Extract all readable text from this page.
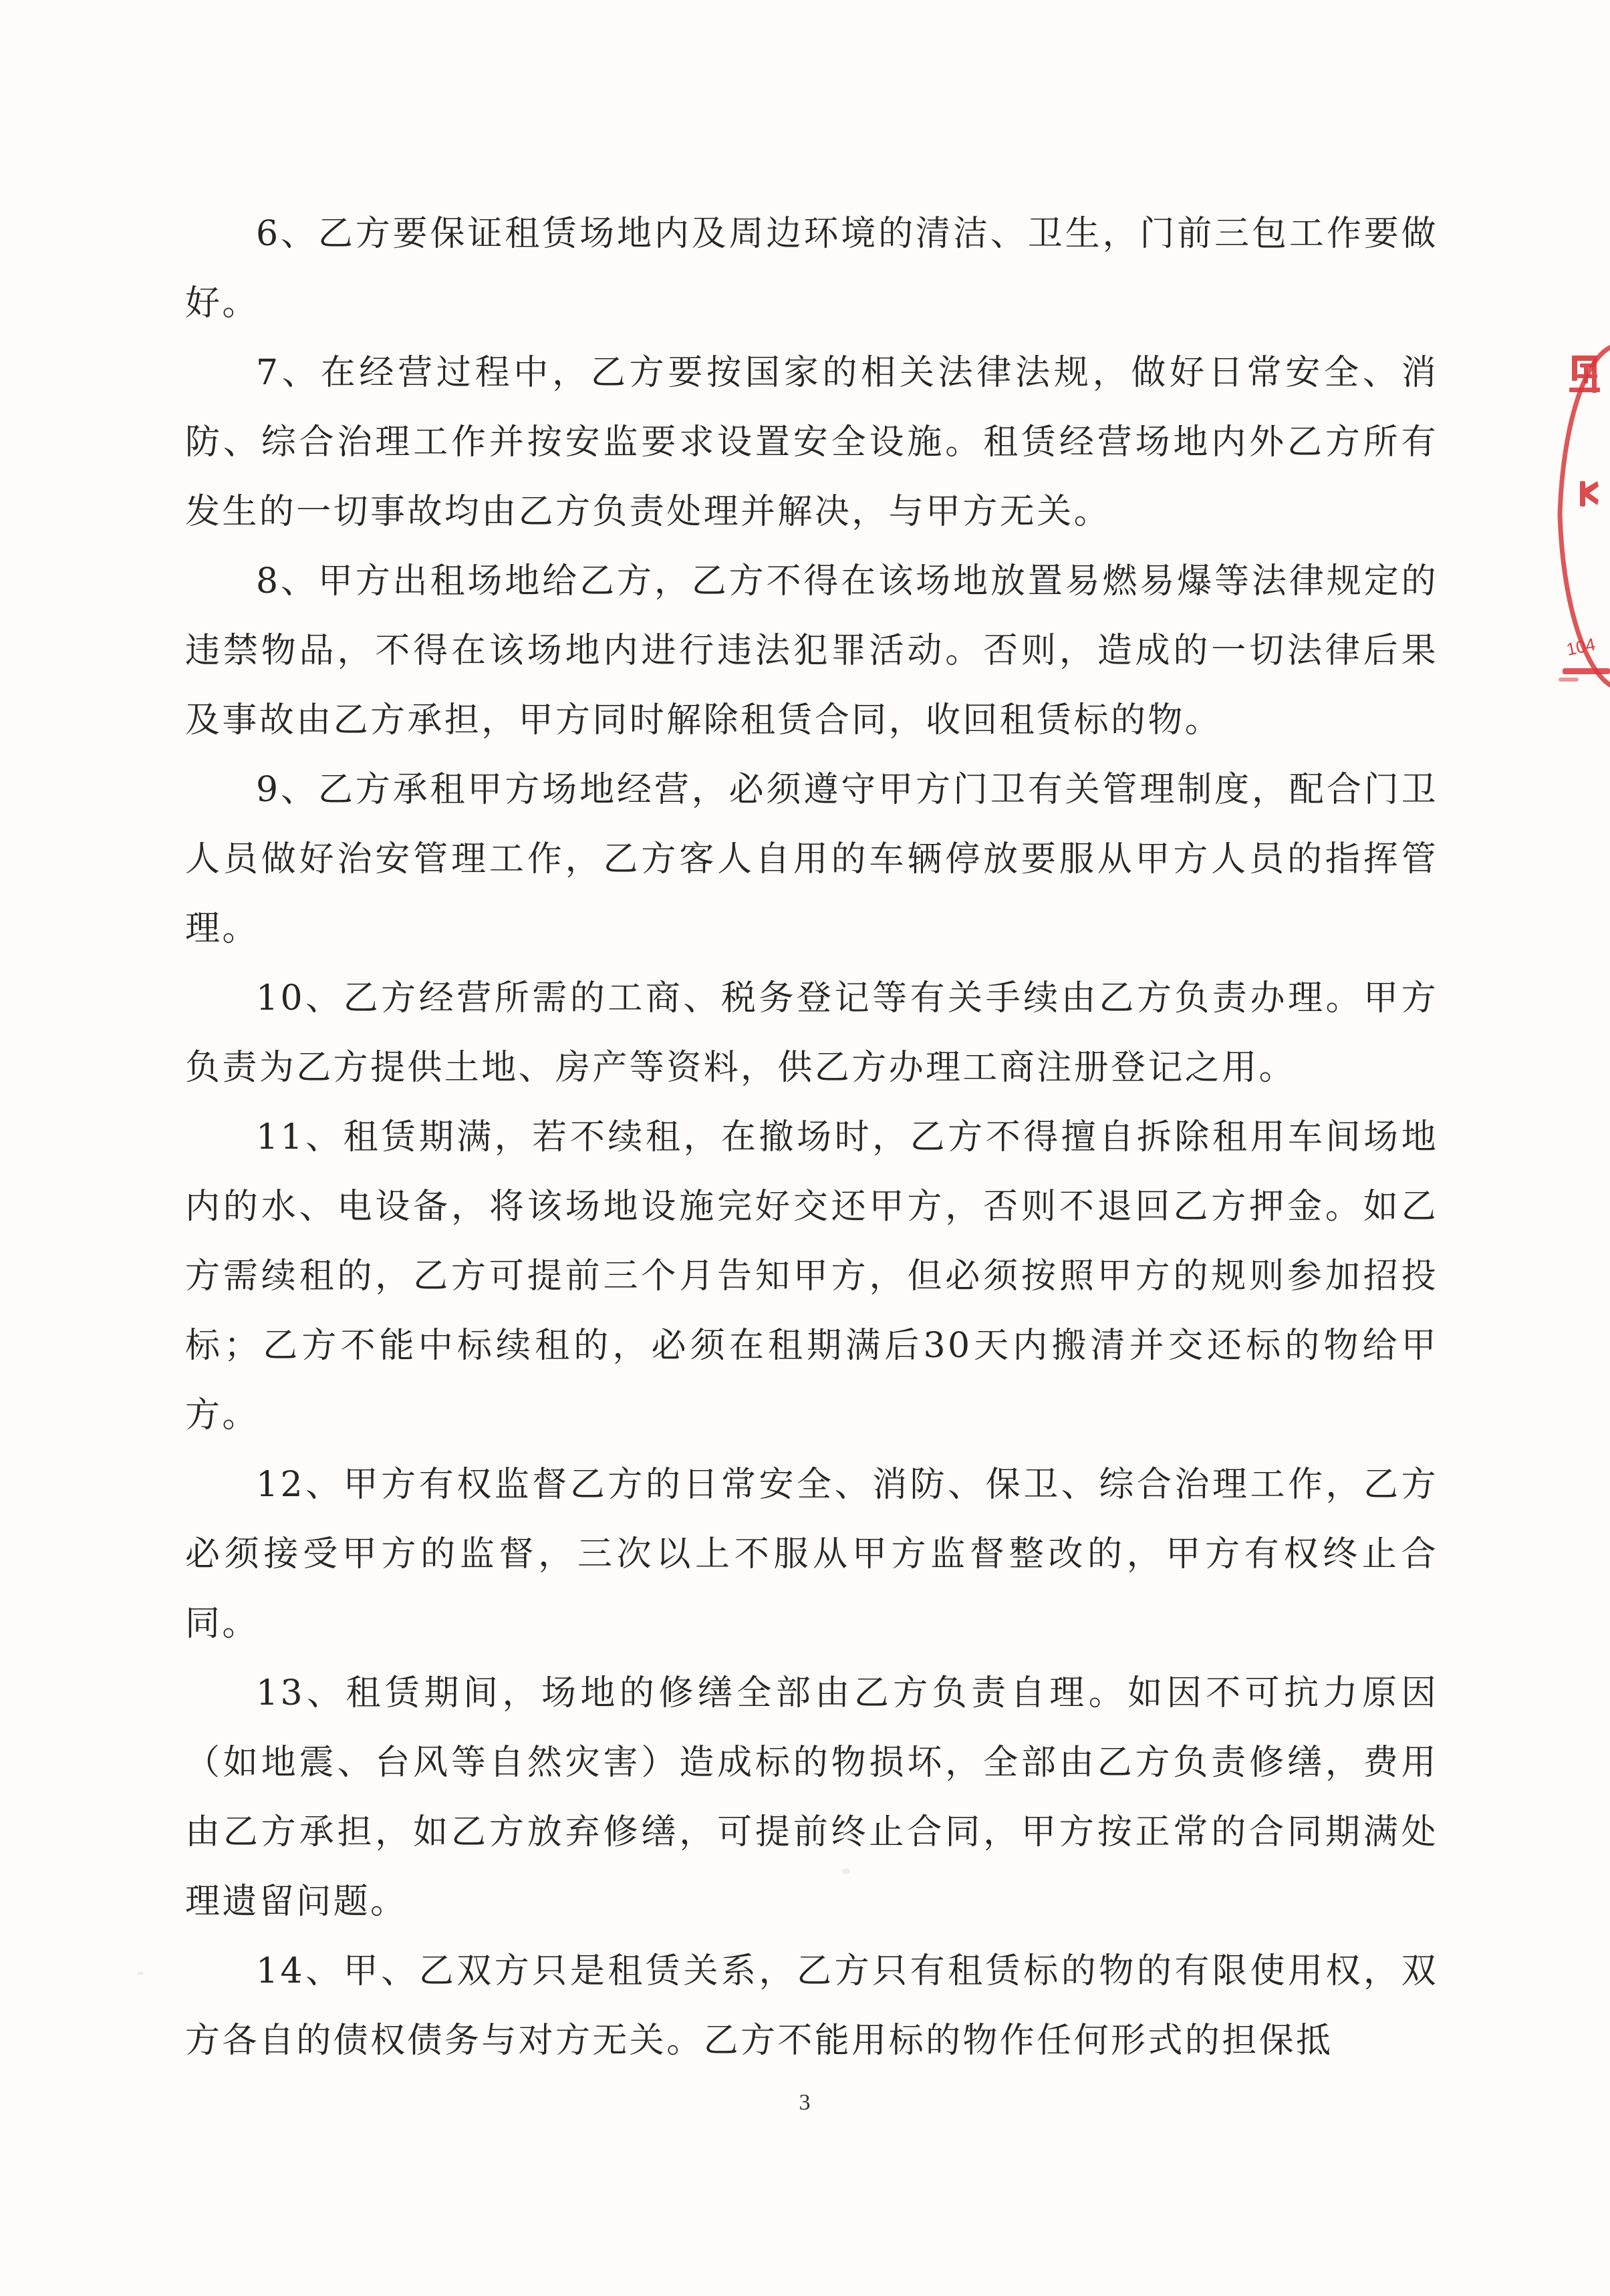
6、乙方要保证租赁场地内及周边环境的清洁、卫生，门前三包工作要做好。

7、在经营过程中，乙方要按国家的相关法律法规，做好日常安全、消防、综合治理工作并按安监要求设置安全设施。租赁经营场地内外乙方所有发生的一切事故均由乙方负责处理并解决，与甲方无关。

8、甲方出租场地给乙方，乙方不得在该场地放置易燃易爆等法律规定的违禁物品，不得在该场地内进行违法犯罪活动。否则，造成的一切法律后果及事故由乙方承担，甲方同时解除租赁合同，收回租赁标的物。

9、乙方承租甲方场地经营，必须遵守甲方门卫有关管理制度，配合门卫人员做好治安管理工作，乙方客人自用的车辆停放要服从甲方人员的指挥管理。

10、乙方经营所需的工商、税务登记等有关手续由乙方负责办理。甲方负责为乙方提供土地、房产等资料，供乙方办理工商注册登记之用。

11、租赁期满，若不续租，在撤场时，乙方不得擅自拆除租用车间场地内的水、电设备，将该场地设施完好交还甲方，否则不退回乙方押金。如乙方需续租的，乙方可提前三个月告知甲方，但必须按照甲方的规则参加招投标；乙方不能中标续租的，必须在租期满后30天内搬清并交还标的物给甲方。

12、甲方有权监督乙方的日常安全、消防、保卫、综合治理工作，乙方必须接受甲方的监督，三次以上不服从甲方监督整改的，甲方有权终止合同。

13、租赁期间，场地的修缮全部由乙方负责自理。如因不可抗力原因（如地震、台风等自然灾害）造成标的物损坏，全部由乙方负责修缮，费用由乙方承担，如乙方放弃修缮，可提前终止合同，甲方按正常的合同期满处理遗留问题。

14、甲、乙双方只是租赁关系，乙方只有租赁标的物的有限使用权，双方各自的债权债务与对方无关。乙方不能用标的物作任何形式的担保抵

3
104
